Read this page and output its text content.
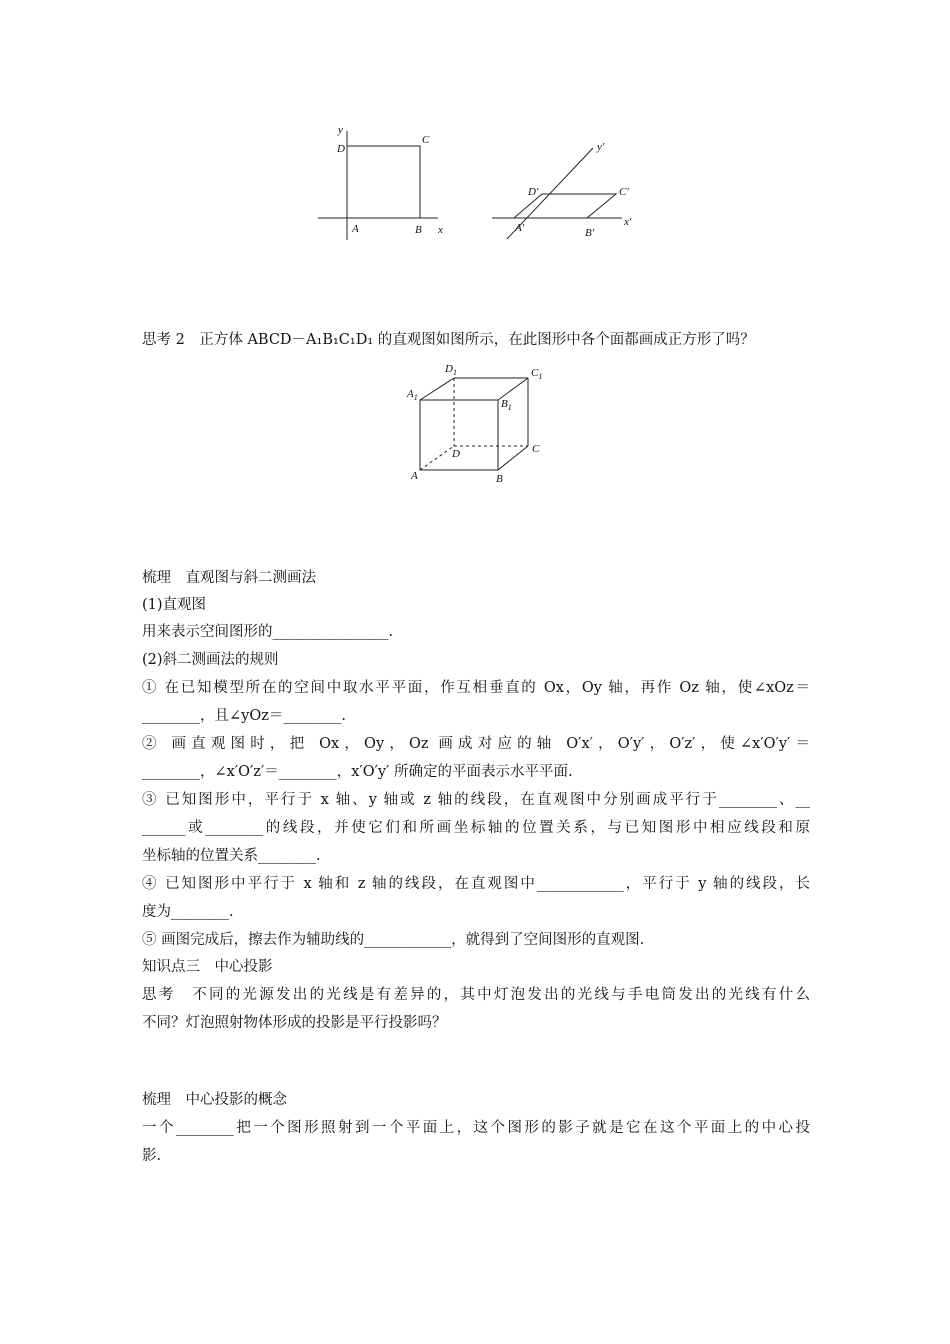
y
D
C
A	B x
y′
D′	C′
A′	B′
x′
思考 2　正方体 ABCD－A₁B₁C₁D₁ 的直观图如图所示，在此图形中各个面都画成正方形了吗？
$D_1$	$C_1$
$A_1$
$B_1$
D	C
A	B
梳理　直观图与斜二测画法
(1)直观图
用来表示空间图形的________________.
(2)斜二测画法的规则
① 在已知模型所在的空间中取水平平面，作互相垂直的 Ox，Oy 轴，再作 Oz 轴，使∠xOz＝
________，且∠yOz＝________.
② 画直观图时，把 Ox，Oy，Oz 画成对应的轴 O′x′，O′y′，O′z′，使∠x′O′y′＝
________，∠x′O′z′＝________，x′O′y′ 所确定的平面表示水平平面.
③ 已知图形中，平行于 x 轴、y 轴或 z 轴的线段，在直观图中分别画成平行于________、__
______或________的线段，并使它们和所画坐标轴的位置关系，与已知图形中相应线段和原
坐标轴的位置关系________.
④ 已知图形中平行于 x 轴和 z 轴的线段，在直观图中____________，平行于 y 轴的线段，长
度为________.
⑤ 画图完成后，擦去作为辅助线的____________，就得到了空间图形的直观图.
知识点三　中心投影
思考　不同的光源发出的光线是有差异的，其中灯泡发出的光线与手电筒发出的光线有什么
不同？灯泡照射物体形成的投影是平行投影吗？
梳理　中心投影的概念
一个________把一个图形照射到一个平面上，这个图形的影子就是它在这个平面上的中心投
影.
